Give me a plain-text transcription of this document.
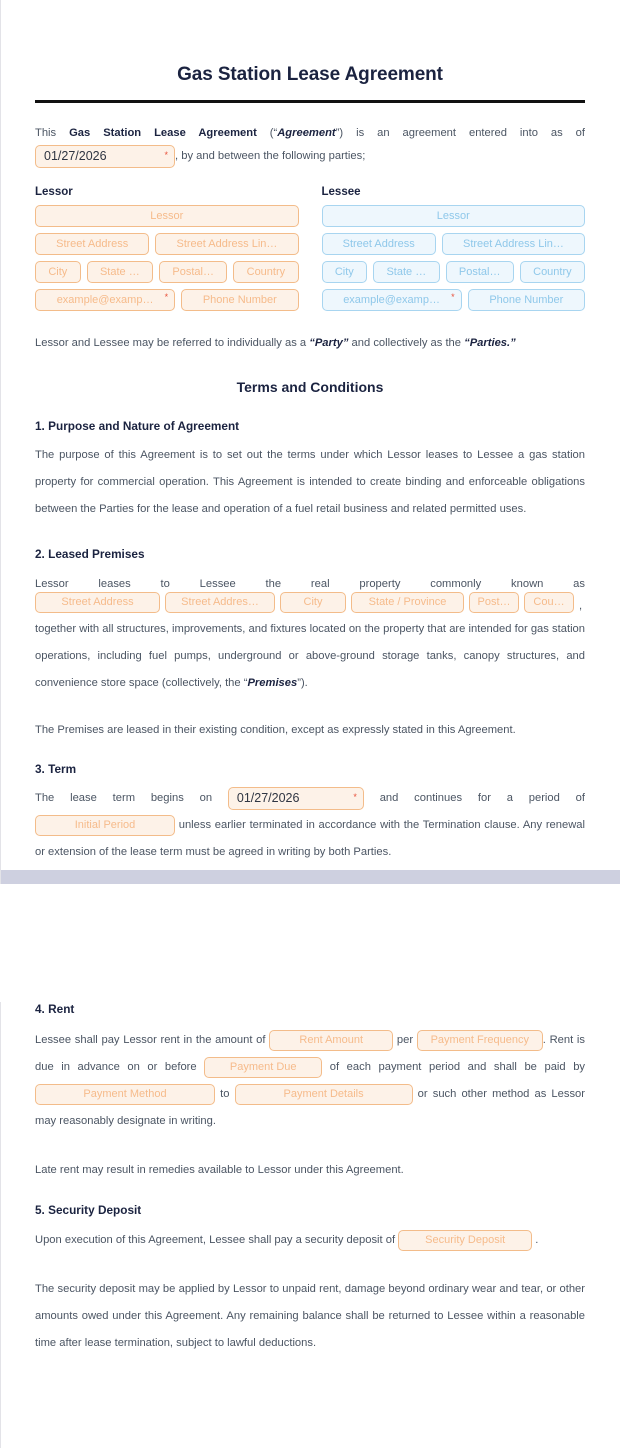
Gas Station Lease Agreement

This Gas Station Lease Agreement (“Agreement”) is an agreement entered into as of

01/27/2026	* , by and between the following parties;

Lessor
Lessor
Street Address	Street Address Lin…
City	State …	Postal…	Country
example@examp… *	Phone Number
Lessee
Lessor
Street Address	Street Address Lin…
City	State …	Postal…	Country
example@examp… *	Phone Number

Lessor and Lessee may be referred to individually as a “Party” and collectively as the “Parties.”

Terms and Conditions
1. Purpose and Nature of Agreement

The purpose of this Agreement is to set out the terms under which Lessor leases to Lessee a gas station property for commercial operation. This Agreement is intended to create binding and enforceable obligations between the Parties for the lease and operation of a fuel retail business and related permitted uses.

2. Leased Premises

Lessor leases to Lessee the real property commonly known as

Street Address	Street Addres…	City	State / Province	Post…	Cou…	,

together with all structures, improvements, and fixtures located on the property that are intended for gas station operations, including fuel pumps, underground or above-ground storage tanks, canopy structures, and convenience store space (collectively, the “Premises”).

The Premises are leased in their existing condition, except as expressly stated in this Agreement.

3. Term

The lease term begins on 01/27/2026	* and continues for a period of Initial Period	unless earlier terminated in accordance with the Termination clause. Any renewal or extension of the lease term must be agreed in writing by both Parties.

4. Rent

Lessee shall pay Lessor rent in the amount of	Rent Amount	per Payment Frequency . Rent is due in advance on or before	Payment Due	of each payment period and shall be paid by Payment Method	to	Payment Details	or such other method as Lessor may reasonably designate in writing.

Late rent may result in remedies available to Lessor under this Agreement.

5. Security Deposit

Upon execution of this Agreement, Lessee shall pay a security deposit of	Security Deposit	.

The security deposit may be applied by Lessor to unpaid rent, damage beyond ordinary wear and tear, or other amounts owed under this Agreement. Any remaining balance shall be returned to Lessee within a reasonable time after lease termination, subject to lawful deductions.
